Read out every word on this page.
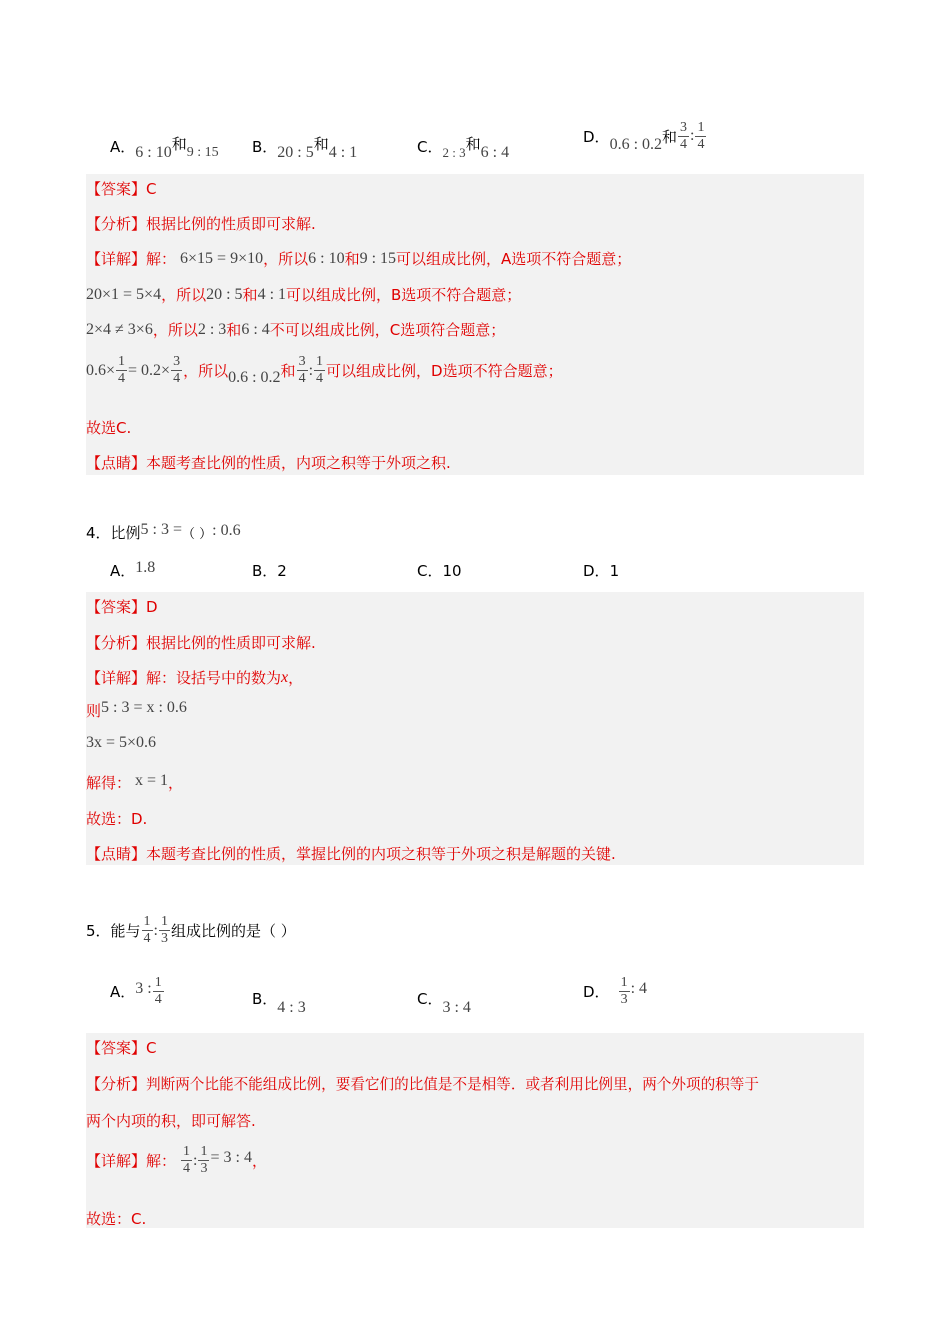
A． 6 : 10 和 9 : 15 B． 20 : 5 和 4 : 1	C． 2 : 3 和 6 : 4
D． 0.6 : 0.2 和 $\frac{3}{4}$ : $\frac{1}{4}$
【答案】 C
【分析】 根据比例的性质即可求解.
【详解】 解： 6×15 = 9×10 ，所以 6 : 10 和 9 : 15 可以组成比例，A选项不符合题意；
20×1 = 5×4 ，所以 20 : 5 和 4 : 1 可以组成比例，B选项不符合题意；
2×4 ≠ 3×6 ，所以 2 : 3 和 6 : 4 不可以组成比例，C选项符合题意；
$0.6\times \frac{1}{4} = 0.2\times \frac{3}{4}$ ，所以 0.6 : 0.2 和 $\frac{3}{4}$ : $\frac{1}{4}$ 可以组成比例，D选项不符合题意；
故选C.
【点睛】 本题考查比例的性质，内项之积等于外项之积.
4．比例 5 : 3 = （ ） : 0.6
A．1.8	B．2	C．10	D．1
【答案】 D
【分析】 根据比例的性质即可求解.
【详解】 解：设括号中的数为 x ，
则 5 : 3 = x : 0.6
3x = 5×0.6
解得： x = 1 ，
故选：D.
【点睛】 本题考查比例的性质，掌握比例的内项之积等于外项之积是解题的关键.
5．能与 $\frac{1}{4}$ : $\frac{1}{3}$ 组成比例的是（ ）
A． 3 : $\frac{1}{4}$	B．4 : 3	C．3 : 4
D． $\frac{1}{3}$ : 4
【答案】 C
【分析】 判断两个比能不能组成比例，要看它们的比值是不是相等．或者利用比例里，两个外项的积等于
两个内项的积，即可解答.
【详解】 解： $\frac{1}{4}$ : $\frac{1}{3} = 3$ : 4 ，
故选：C.
